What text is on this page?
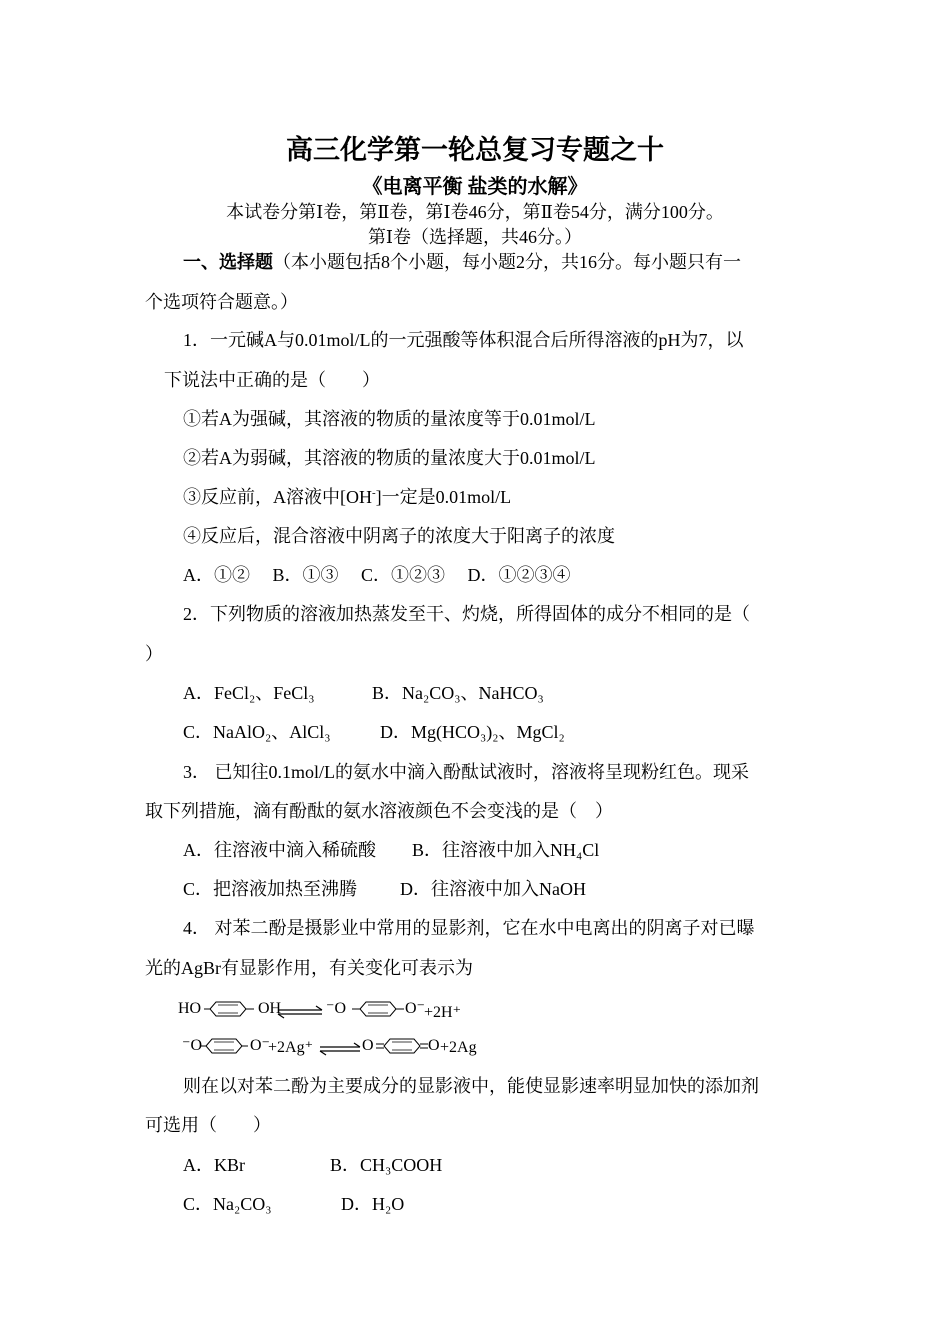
高三化学第一轮总复习专题之十
《电离平衡 盐类的水解》
本试卷分第Ⅰ卷，第Ⅱ卷，第Ⅰ卷46分，第Ⅱ卷54分，满分100分。
第Ⅰ卷（选择题，共46分。）
一、选择题（本小题包括8个小题，每小题2分，共16分。每小题只有一
个选项符合题意。）
1．一元碱A与0.01mol/L的一元强酸等体积混合后所得溶液的pH为7，以
下说法中正确的是（　　）
①若A为强碱，其溶液的物质的量浓度等于0.01mol/L
②若A为弱碱，其溶液的物质的量浓度大于0.01mol/L
③反应前，A溶液中[OH-]一定是0.01mol/L
④反应后，混合溶液中阴离子的浓度大于阳离子的浓度
A．①②　 B．①③　 C．①②③　 D．①②③④
2．下列物质的溶液加热蒸发至干、灼烧，所得固体的成分不相同的是（
）
A．FeCl₂、FeCl₃	B．Na₂CO₃、NaHCO₃
C．NaAlO₂、AlCl₃	D．Mg(HCO₃)₂、MgCl₂
3． 已知往0.1mol/L的氨水中滴入酚酞试液时，溶液将呈现粉红色。现采
取下列措施，滴有酚酞的氨水溶液颜色不会变浅的是（　）
A．往溶液中滴入稀硫酸 B．往溶液中加入NH₄Cl
C．把溶液加热至沸腾 D．往溶液中加入NaOH
4． 对苯二酚是摄影业中常用的显影剂，它在水中电离出的阴离子对已曝
光的AgBr有显影作用，有关变化可表示为
HO	OH	⁻O	O⁻ +2H⁺
⁻O	O⁻
+2Ag⁺	O	O +2Ag
则在以对苯二酚为主要成分的显影液中，能使显影速率明显加快的添加剂
可选用（　　）
A．KBr	B．CH₃COOH
C．Na₂CO₃	D．H₂O
